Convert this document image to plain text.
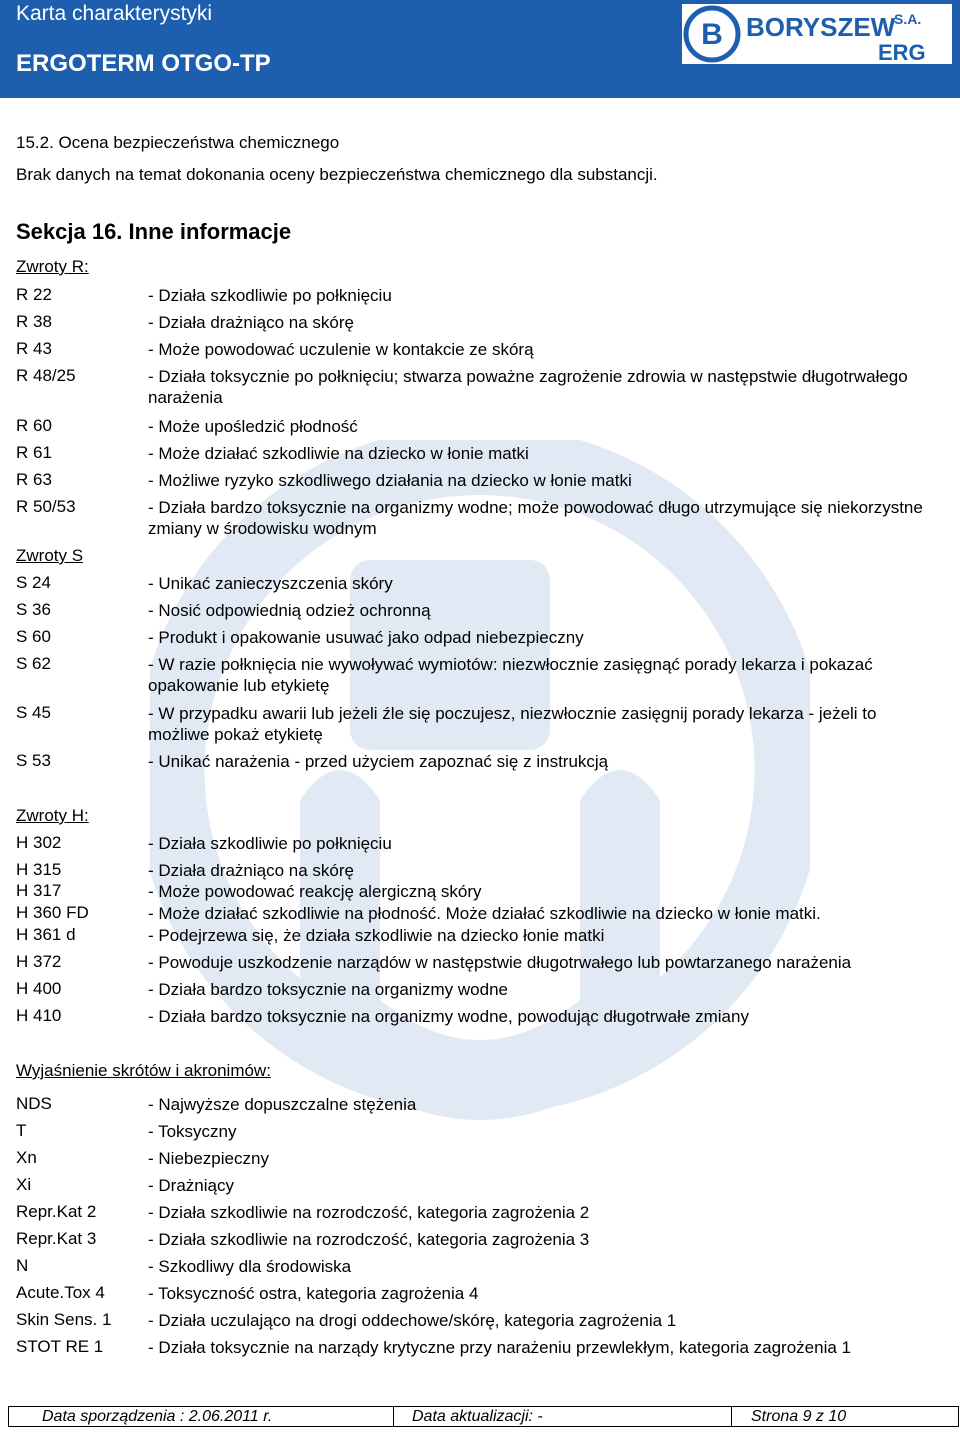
Karta charakterystyki
ERGOTERM OTGO-TP
B BORYSZEW
S.A.
ERG
15.2. Ocena bezpieczeństwa chemicznego
Brak danych na temat dokonania oceny bezpieczeństwa chemicznego dla substancji.
Sekcja 16. Inne informacje
Zwroty R:
R 22	- Działa szkodliwie po połknięciu
R 38	- Działa drażniąco na skórę
R 43	- Może powodować uczulenie w kontakcie ze skórą
R 48/25	- Działa toksycznie po połknięciu; stwarza poważne zagrożenie zdrowia w następstwie długotrwałego narażenia
R 60	- Może upośledzić płodność
R 61	- Może działać szkodliwie na dziecko w łonie matki
R 63	- Możliwe ryzyko szkodliwego działania na dziecko w łonie matki
R 50/53	- Działa bardzo toksycznie na organizmy wodne; może powodować długo utrzymujące się niekorzystne zmiany w środowisku wodnym
Zwroty S
S 24	- Unikać zanieczyszczenia skóry
S 36	- Nosić odpowiednią odzież ochronną
S 60	- Produkt i opakowanie usuwać jako odpad niebezpieczny
S 62	- W razie połknięcia nie wywoływać wymiotów: niezwłocznie zasięgnąć porady lekarza i pokazać opakowanie lub etykietę
S 45	- W przypadku awarii lub jeżeli źle się poczujesz, niezwłocznie zasięgnij porady lekarza - jeżeli to możliwe pokaż etykietę
S 53	- Unikać narażenia - przed użyciem zapoznać się z instrukcją
Zwroty H:
H 302	- Działa szkodliwie po połknięciu
H 315	- Działa drażniąco na skórę
H 317	- Może powodować reakcję alergiczną skóry
H 360 FD	- Może działać szkodliwie na płodność. Może działać szkodliwie na dziecko w łonie matki.
H 361 d	- Podejrzewa się, że działa szkodliwie na dziecko łonie matki
H 372	- Powoduje uszkodzenie narządów w następstwie długotrwałego lub powtarzanego narażenia
H 400	- Działa bardzo toksycznie na organizmy wodne
H 410	- Działa bardzo toksycznie na organizmy wodne, powodując długotrwałe zmiany
Wyjaśnienie skrótów i akronimów:
NDS	- Najwyższe dopuszczalne stężenia
T	- Toksyczny
Xn	- Niebezpieczny
Xi	- Drażniący
Repr.Kat 2	- Działa szkodliwie na rozrodczość, kategoria zagrożenia 2
Repr.Kat 3	- Działa szkodliwie na rozrodczość, kategoria zagrożenia 3
N	- Szkodliwy dla środowiska
Acute.Tox 4	- Toksyczność ostra, kategoria zagrożenia 4
Skin Sens. 1 - Działa uczulająco na drogi oddechowe/skórę, kategoria zagrożenia 1
STOT RE 1	- Działa toksycznie na narządy krytyczne przy narażeniu przewlekłym, kategoria zagrożenia 1
Data sporządzenia : 2.06.2011 r.	Data aktualizacji: -	Strona 9 z 10
